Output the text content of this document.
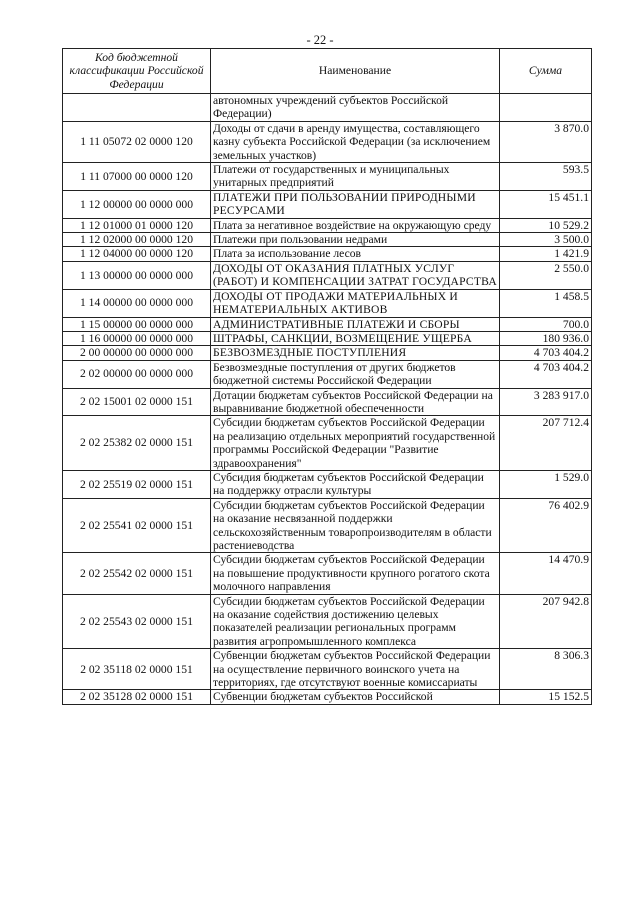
- 22 -
Код бюджетной классификации Российской Федерации	Наименование	Сумма
	автономных учреждений субъектов Российской Федерации)	
1 11 05072 02 0000 120	Доходы от сдачи в аренду имущества, составляющего казну субъекта Российской Федерации (за исключением земельных участков)	3 870.0
1 11 07000 00 0000 120	Платежи от государственных и муниципальных унитарных предприятий	593.5
1 12 00000 00 0000 000	ПЛАТЕЖИ ПРИ ПОЛЬЗОВАНИИ ПРИРОДНЫМИ РЕСУРСАМИ	15 451.1
1 12 01000 01 0000 120	Плата за негативное воздействие на окружающую среду	10 529.2
1 12 02000 00 0000 120	Платежи при пользовании недрами	3 500.0
1 12 04000 00 0000 120	Плата за использование лесов	1 421.9
1 13 00000 00 0000 000	ДОХОДЫ ОТ ОКАЗАНИЯ ПЛАТНЫХ УСЛУГ (РАБОТ) И КОМПЕНСАЦИИ ЗАТРАТ ГОСУДАРСТВА	2 550.0
1 14 00000 00 0000 000	ДОХОДЫ ОТ ПРОДАЖИ МАТЕРИАЛЬНЫХ И НЕМАТЕРИАЛЬНЫХ АКТИВОВ	1 458.5
1 15 00000 00 0000 000	АДМИНИСТРАТИВНЫЕ ПЛАТЕЖИ И СБОРЫ	700.0
1 16 00000 00 0000 000	ШТРАФЫ, САНКЦИИ, ВОЗМЕЩЕНИЕ УЩЕРБА	180 936.0
2 00 00000 00 0000 000	БЕЗВОЗМЕЗДНЫЕ ПОСТУПЛЕНИЯ	4 703 404.2
2 02 00000 00 0000 000	Безвозмездные поступления от других бюджетов бюджетной системы Российской Федерации	4 703 404.2
2 02 15001 02 0000 151	Дотации бюджетам субъектов Российской Федерации на выравнивание бюджетной обеспеченности	3 283 917.0
2 02 25382 02 0000 151	Субсидии бюджетам субъектов Российской Федерации на реализацию отдельных мероприятий государственной программы Российской Федерации "Развитие здравоохранения"	207 712.4
2 02 25519 02 0000 151	Субсидия бюджетам субъектов Российской Федерации на поддержку отрасли культуры	1 529.0
2 02 25541 02 0000 151	Субсидии бюджетам субъектов Российской Федерации на оказание несвязанной поддержки сельскохозяйственным товаропроизводителям в области растениеводства	76 402.9
2 02 25542 02 0000 151	Субсидии бюджетам субъектов Российской Федерации на повышение продуктивности крупного рогатого скота молочного направления	14 470.9
2 02 25543 02 0000 151	Субсидии бюджетам субъектов Российской Федерации на оказание содействия достижению целевых показателей реализации региональных программ развития агропромышленного комплекса	207 942.8
2 02 35118 02 0000 151	Субвенции бюджетам субъектов Российской Федерации на осуществление первичного воинского учета на территориях, где отсутствуют военные комиссариаты	8 306.3
2 02 35128 02 0000 151	Субвенции бюджетам субъектов Российской	15 152.5
